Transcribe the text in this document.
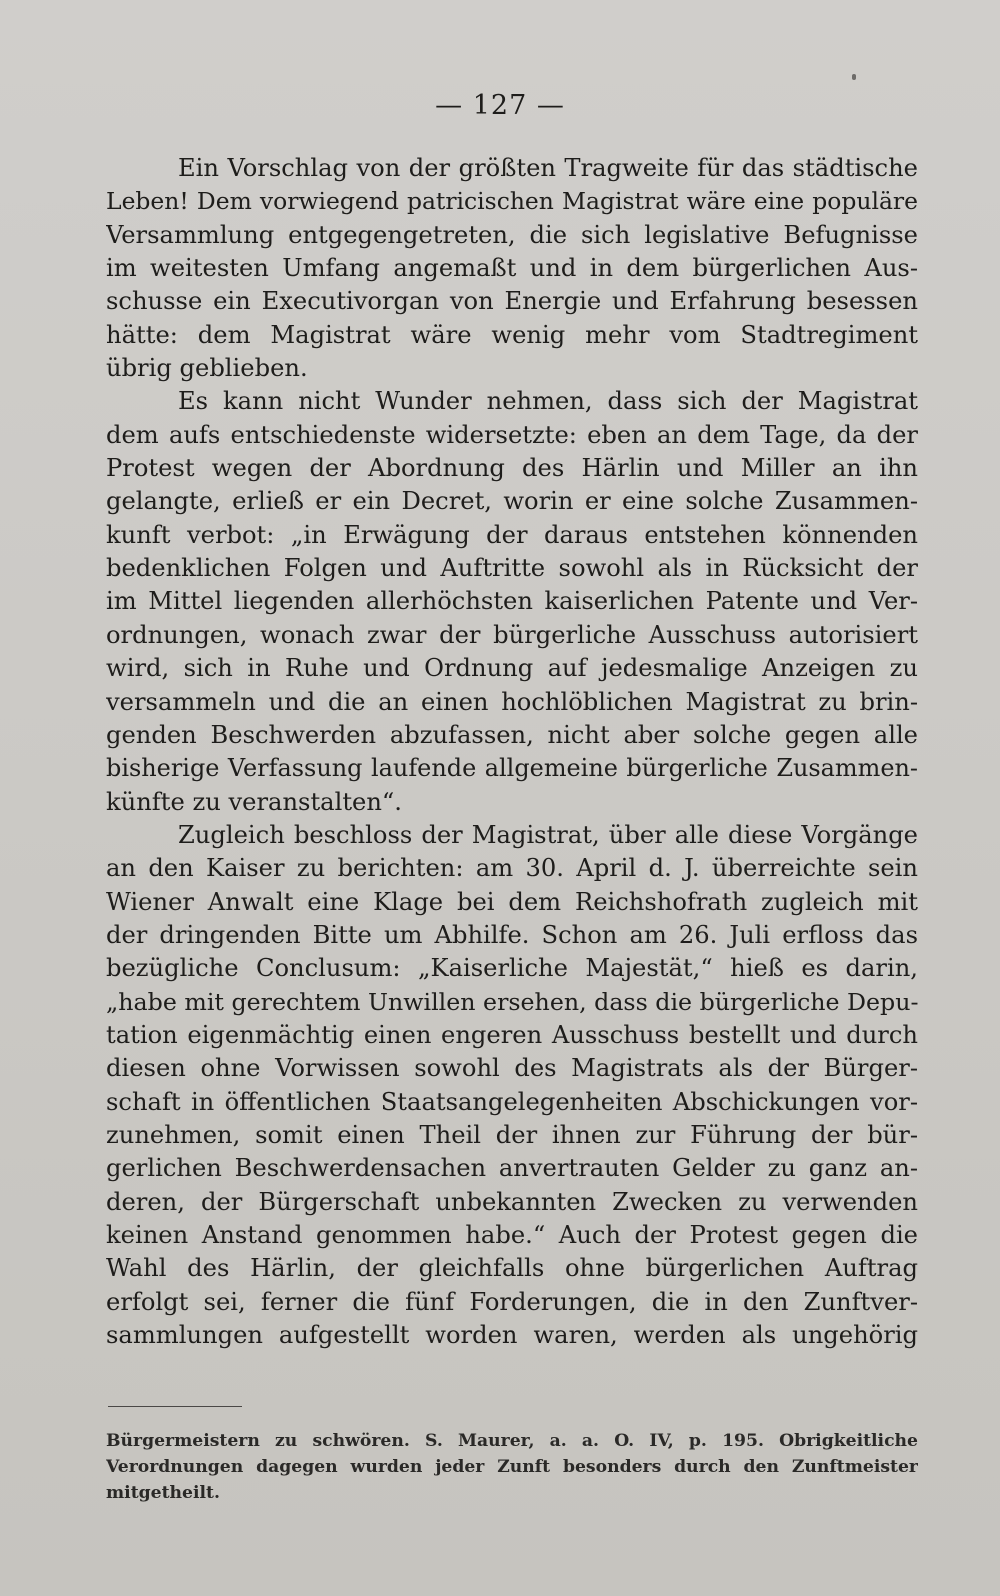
— 127 —
Ein Vorschlag von der größten Tragweite für das städtische
Leben! Dem vorwiegend patricischen Magistrat wäre eine populäre
Versammlung entgegengetreten, die sich legislative Befugnisse
im weitesten Umfang angemaßt und in dem bürgerlichen Aus-
schusse ein Executivorgan von Energie und Erfahrung besessen
hätte: dem Magistrat wäre wenig mehr vom Stadtregiment
übrig geblieben.
Es kann nicht Wunder nehmen, dass sich der Magistrat
dem aufs entschiedenste widersetzte: eben an dem Tage, da der
Protest wegen der Abordnung des Härlin und Miller an ihn
gelangte, erließ er ein Decret, worin er eine solche Zusammen-
kunft verbot: „in Erwägung der daraus entstehen könnenden
bedenklichen Folgen und Auftritte sowohl als in Rücksicht der
im Mittel liegenden allerhöchsten kaiserlichen Patente und Ver-
ordnungen, wonach zwar der bürgerliche Ausschuss autorisiert
wird, sich in Ruhe und Ordnung auf jedesmalige Anzeigen zu
versammeln und die an einen hochlöblichen Magistrat zu brin-
genden Beschwerden abzufassen, nicht aber solche gegen alle
bisherige Verfassung laufende allgemeine bürgerliche Zusammen-
künfte zu veranstalten“.
Zugleich beschloss der Magistrat, über alle diese Vorgänge
an den Kaiser zu berichten: am 30. April d. J. überreichte sein
Wiener Anwalt eine Klage bei dem Reichshofrath zugleich mit
der dringenden Bitte um Abhilfe. Schon am 26. Juli erfloss das
bezügliche Conclusum: „Kaiserliche Majestät,“ hieß es darin,
„habe mit gerechtem Unwillen ersehen, dass die bürgerliche Depu-
tation eigenmächtig einen engeren Ausschuss bestellt und durch
diesen ohne Vorwissen sowohl des Magistrats als der Bürger-
schaft in öffentlichen Staatsangelegenheiten Abschickungen vor-
zunehmen, somit einen Theil der ihnen zur Führung der bür-
gerlichen Beschwerdensachen anvertrauten Gelder zu ganz an-
deren, der Bürgerschaft unbekannten Zwecken zu verwenden
keinen Anstand genommen habe.“ Auch der Protest gegen die
Wahl des Härlin, der gleichfalls ohne bürgerlichen Auftrag
erfolgt sei, ferner die fünf Forderungen, die in den Zunftver-
sammlungen aufgestellt worden waren, werden als ungehörig
Bürgermeistern zu schwören. S. Maurer, a. a. O. IV, p. 195. Obrigkeitliche
Verordnungen dagegen wurden jeder Zunft besonders durch den Zunftmeister
mitgetheilt.
